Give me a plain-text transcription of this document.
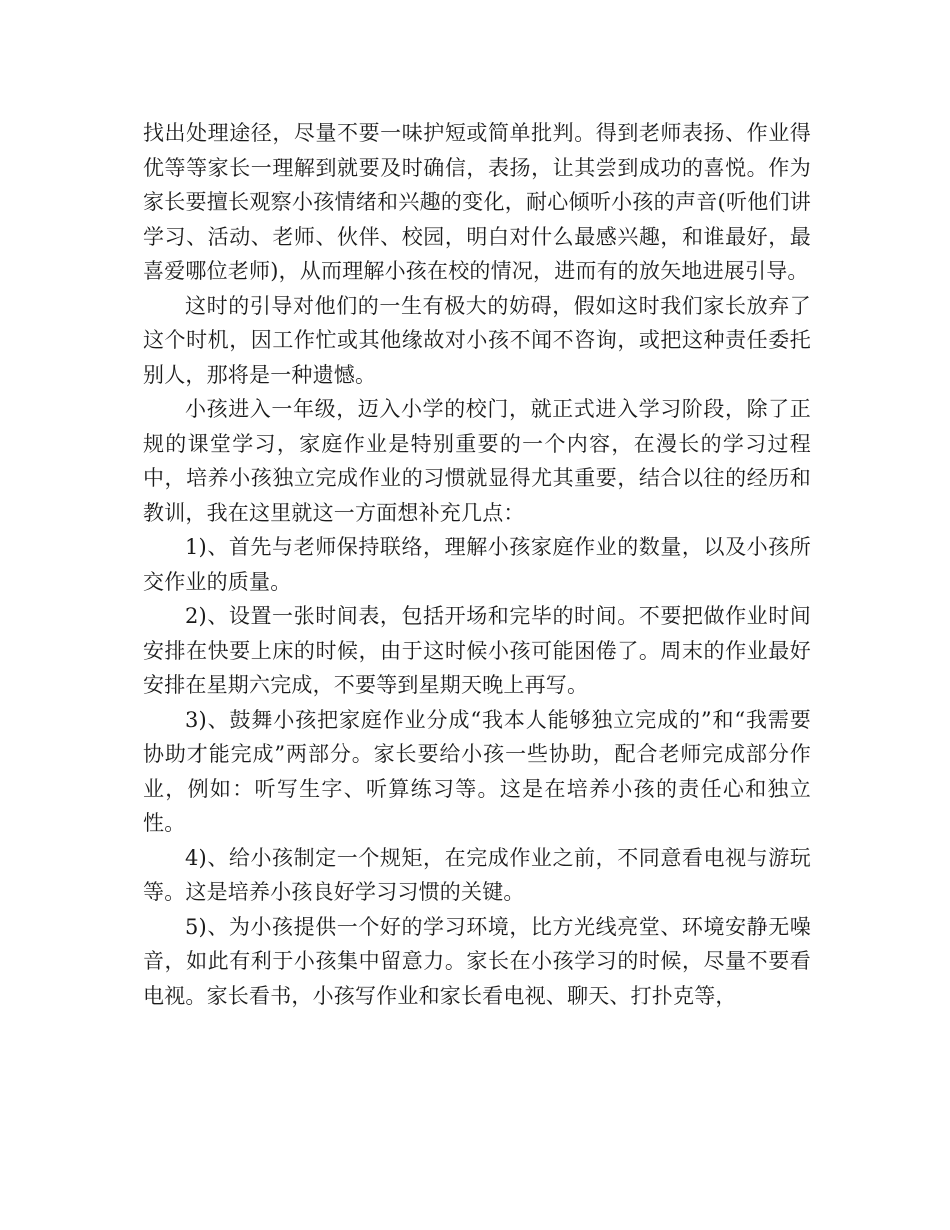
找出处理途径，尽量不要一味护短或简单批判。得到老师表扬、作业得优等等家长一理解到就要及时确信，表扬，让其尝到成功的喜悦。作为家长要擅长观察小孩情绪和兴趣的变化，耐心倾听小孩的声音(听他们讲学习、活动、老师、伙伴、校园，明白对什么最感兴趣，和谁最好，最喜爱哪位老师)，从而理解小孩在校的情况，进而有的放矢地进展引导。

这时的引导对他们的一生有极大的妨碍，假如这时我们家长放弃了这个时机，因工作忙或其他缘故对小孩不闻不咨询，或把这种责任委托别人，那将是一种遗憾。

小孩进入一年级，迈入小学的校门，就正式进入学习阶段，除了正规的课堂学习，家庭作业是特别重要的一个内容，在漫长的学习过程中，培养小孩独立完成作业的习惯就显得尤其重要，结合以往的经历和教训，我在这里就这一方面想补充几点：

1)、首先与老师保持联络，理解小孩家庭作业的数量，以及小孩所交作业的质量。

2)、设置一张时间表，包括开场和完毕的时间。不要把做作业时间安排在快要上床的时候，由于这时候小孩可能困倦了。周末的作业最好安排在星期六完成，不要等到星期天晚上再写。

3)、鼓舞小孩把家庭作业分成“我本人能够独立完成的”和“我需要协助才能完成”两部分。家长要给小孩一些协助，配合老师完成部分作业，例如：听写生字、听算练习等。这是在培养小孩的责任心和独立性。

4)、给小孩制定一个规矩，在完成作业之前，不同意看电视与游玩等。这是培养小孩良好学习习惯的关键。

5)、为小孩提供一个好的学习环境，比方光线亮堂、环境安静无噪音，如此有利于小孩集中留意力。家长在小孩学习的时候，尽量不要看电视。家长看书，小孩写作业和家长看电视、聊天、打扑克等，
